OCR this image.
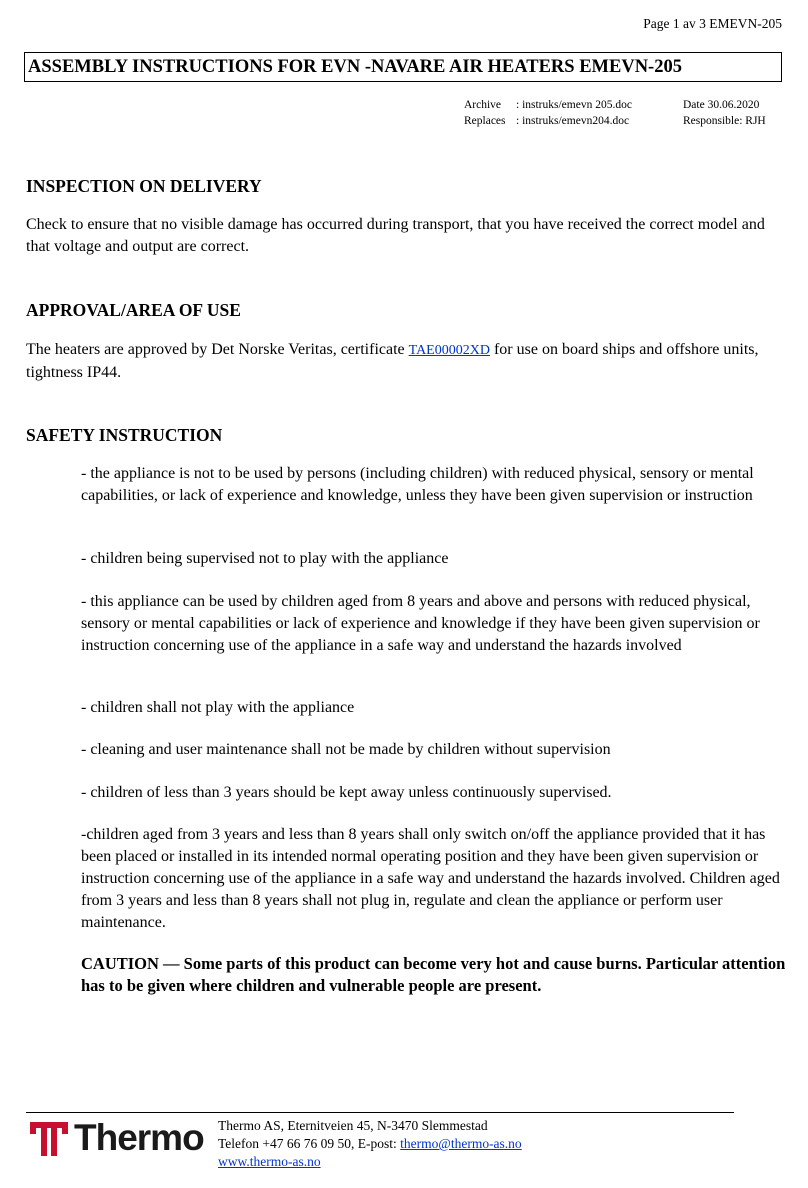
Page 1 av 3 EMEVN-205
ASSEMBLY INSTRUCTIONS FOR EVN -NAVARE AIR HEATERS EMEVN-205
Archive : instruks/emevn 205.doc
Replaces : instruks/emevn204.doc
Date 30.06.2020
Responsible: RJH
INSPECTION ON DELIVERY

Check to ensure that no visible damage has occurred during transport, that you have received the correct model and that voltage and output are correct.

APPROVAL/AREA OF USE

The heaters are approved by Det Norske Veritas, certificate TAE00002XD for use on board ships and offshore units, tightness IP44.

SAFETY INSTRUCTION

- the appliance is not to be used by persons (including children) with reduced physical, sensory or mental capabilities, or lack of experience and knowledge, unless they have been given supervision or instruction

- children being supervised not to play with the appliance

- this appliance can be used by children aged from 8 years and above and persons with reduced physical, sensory or mental capabilities or lack of experience and knowledge if they have been given supervision or instruction concerning use of the appliance in a safe way and understand the hazards involved

- children shall not play with the appliance

- cleaning and user maintenance shall not be made by children without supervision

- children of less than 3 years should be kept away unless continuously supervised.

-children aged from 3 years and less than 8 years shall only switch on/off the appliance provided that it has been placed or installed in its intended normal operating position and they have been given supervision or instruction concerning use of the appliance in a safe way and understand the hazards involved. Children aged from 3 years and less than 8 years shall not plug in, regulate and clean the appliance or perform user maintenance.

CAUTION — Some parts of this product can become very hot and cause burns. Particular attention has to be given where children and vulnerable people are present.

Thermo Thermo AS, Eternitveien 45, N-3470 Slemmestad
Telefon +47 66 76 09 50, E-post: thermo@thermo-as.no
www.thermo-as.no
